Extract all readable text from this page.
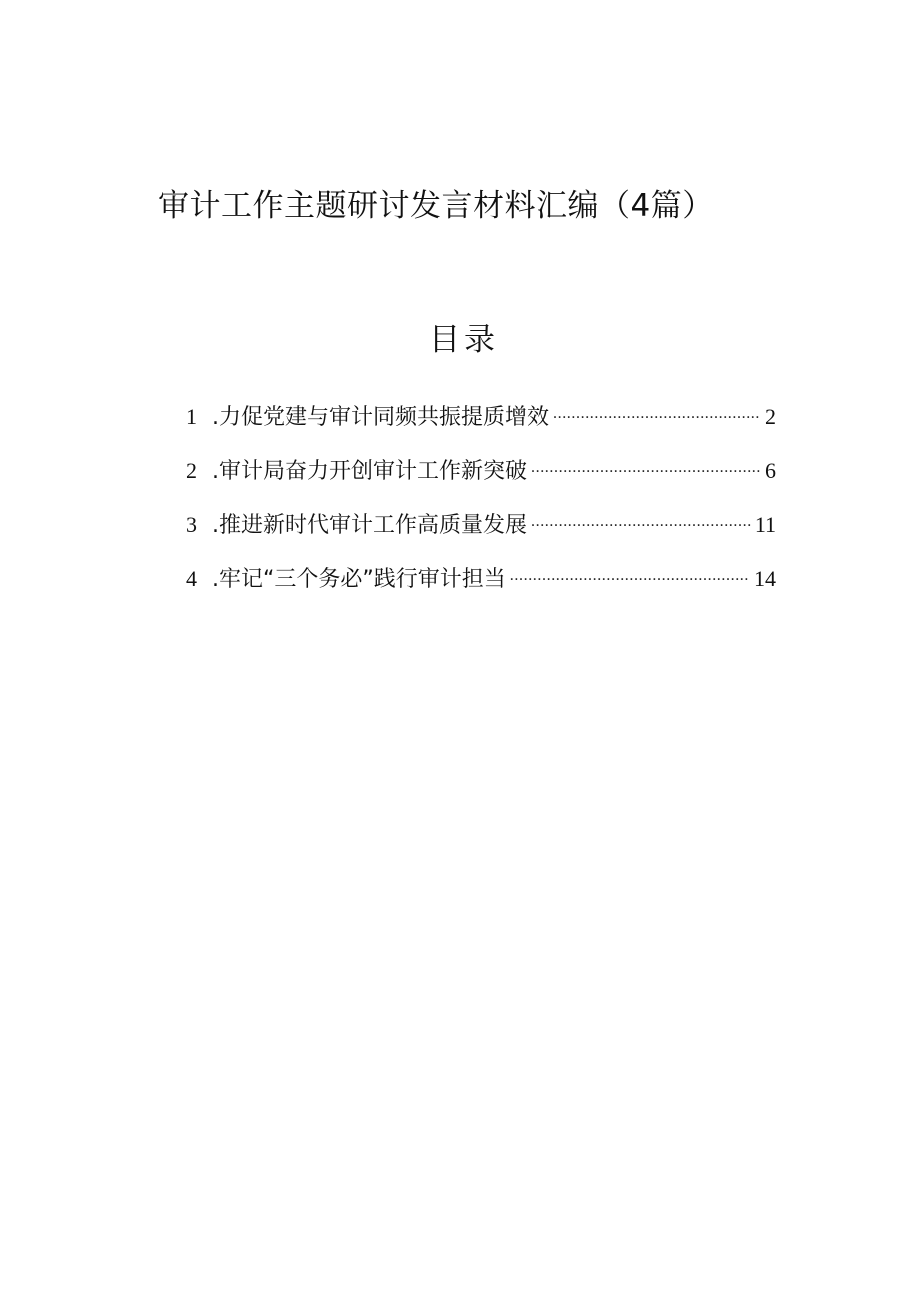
审计工作主题研讨发言材料汇编（4篇）
目录
1 .力促党建与审计同频共振提质增效 .....	2
2 .审计局奋力开创审计工作新突破 .....	6
3 .推进新时代审计工作高质量发展 .....	11
4 .牢记“三个务必”践行审计担当 .....	14
